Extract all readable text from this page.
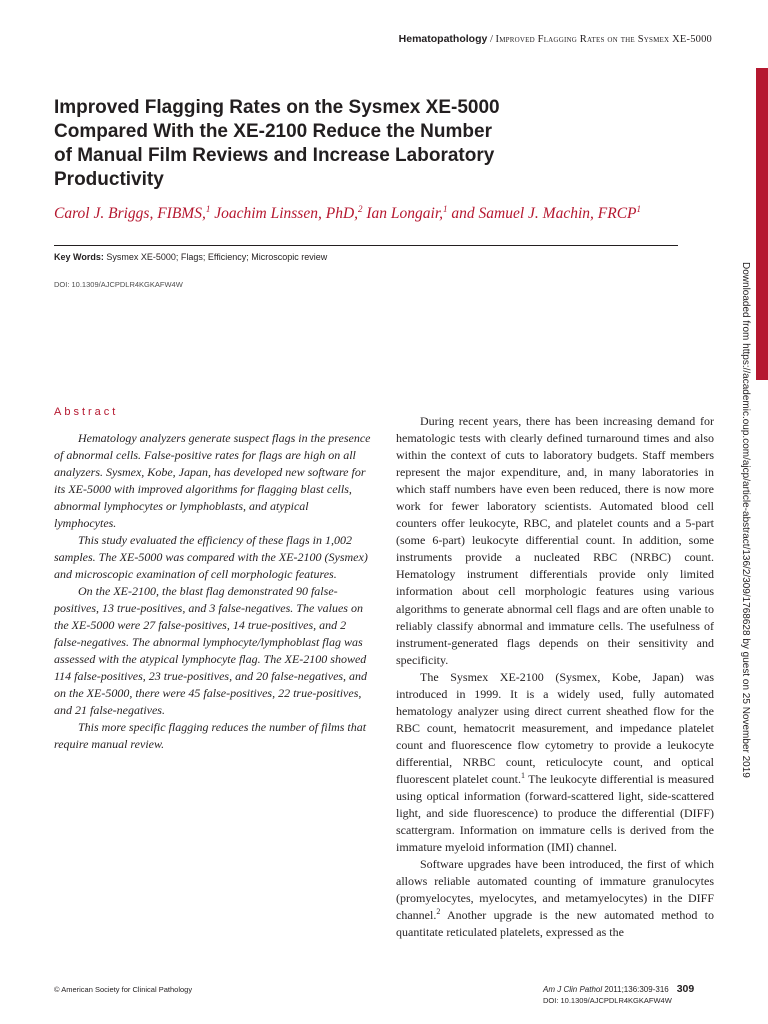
Hematopathology / Improved Flagging Rates on the Sysmex XE-5000
Downloaded from https://academic.oup.com/ajcp/article-abstract/136/2/309/1768628 by guest on 25 November 2019
Improved Flagging Rates on the Sysmex XE-5000
Compared With the XE-2100 Reduce the Number
of Manual Film Reviews and Increase Laboratory
Productivity
Carol J. Briggs, FIBMS,$^1$ Joachim Linssen, PhD,$^2$ Ian Longair,$^1$ and Samuel J. Machin, FRCP$^1$
Key Words: Sysmex XE-5000; Flags; Efficiency; Microscopic review
DOI: 10.1309/AJCPDLR4KGKAFW4W
Abstract

Hematology analyzers generate suspect flags in the presence of abnormal cells. False-positive rates for flags are high on all analyzers. Sysmex, Kobe, Japan, has developed new software for its XE-5000 with improved algorithms for flagging blast cells, abnormal lymphocytes or lymphoblasts, and atypical lymphocytes.

This study evaluated the efficiency of these flags in 1,002 samples. The XE-5000 was compared with the XE-2100 (Sysmex) and microscopic examination of cell morphologic features.

On the XE-2100, the blast flag demonstrated 90 false-positives, 13 true-positives, and 3 false-negatives. The values on the XE-5000 were 27 false-positives, 14 true-positives, and 2 false-negatives. The abnormal lymphocyte/lymphoblast flag was assessed with the atypical lymphocyte flag. The XE-2100 showed 114 false-positives, 23 true-positives, and 20 false-negatives, and on the XE-5000, there were 45 false-positives, 22 true-positives, and 21 false-negatives.

This more specific flagging reduces the number of films that require manual review.

During recent years, there has been increasing demand for hematologic tests with clearly defined turnaround times and also within the context of cuts to laboratory budgets. Staff members represent the major expenditure, and, in many laboratories in which staff numbers have even been reduced, there is now more work for fewer laboratory scientists. Automated blood cell counters offer leukocyte, RBC, and platelet counts and a 5-part (some 6-part) leukocyte differential count. In addition, some instruments provide a nucleated RBC (NRBC) count. Hematology instrument differentials provide only limited information about cell morphologic features using various algorithms to generate abnormal cell flags and are often unable to reliably classify abnormal and immature cells. The usefulness of instrument-generated flags depends on their sensitivity and specificity.

The Sysmex XE-2100 (Sysmex, Kobe, Japan) was introduced in 1999. It is a widely used, fully automated hematology analyzer using direct current sheathed flow for the RBC count, hematocrit measurement, and impedance platelet count and fluorescence flow cytometry to provide a leukocyte differential, NRBC count, reticulocyte count, and optical fluorescent platelet count.$^1$ The leukocyte differential is measured using optical information (forward-scattered light, side-scattered light, and side fluorescence) to produce the differential (DIFF) scattergram. Information on immature cells is derived from the immature myeloid information (IMI) channel.

Software upgrades have been introduced, the first of which allows reliable automated counting of immature granulocytes (promyelocytes, myelocytes, and metamyelocytes) in the DIFF channel.$^2$ Another upgrade is the new automated method to quantitate reticulated platelets, expressed as the

© American Society for Clinical Pathology	Am J Clin Pathol 2011;136:309-316 309
DOI: 10.1309/AJCPDLR4KGKAFW4W
